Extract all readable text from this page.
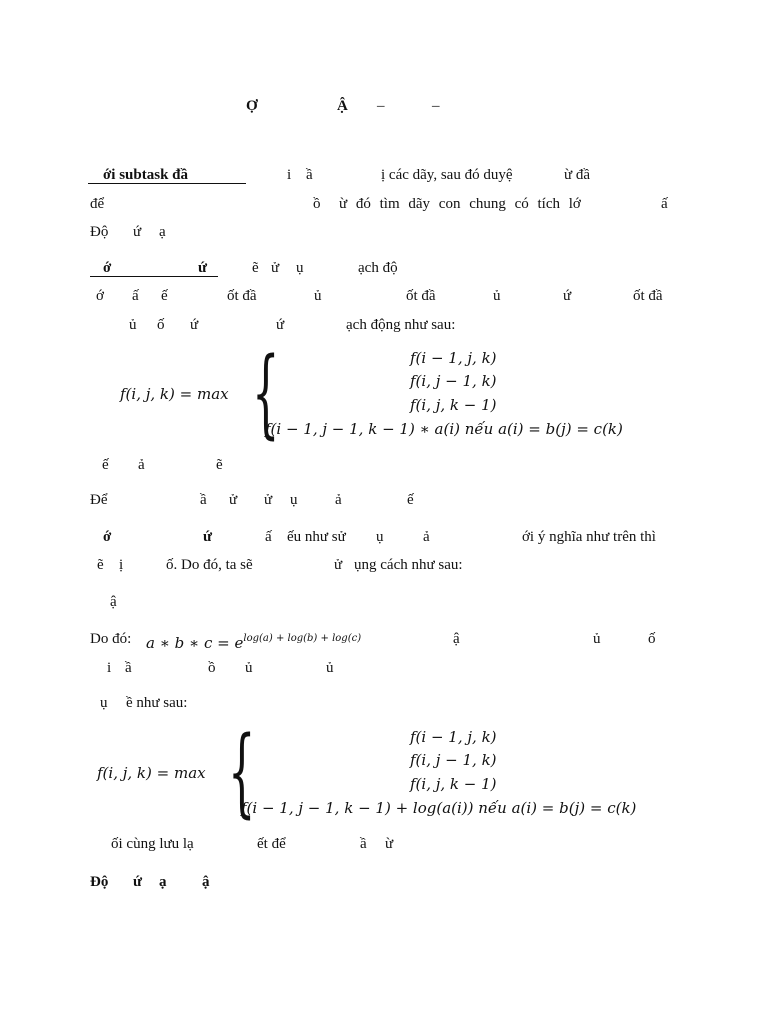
Ợ	Ậ –	–
ới subtask đầ	i ầ	ị các dãy, sau đó duyệ	ừ đầ
để	ồ ừ đó tìm dãy con chung có tích lớ	ấ
Độ ứ ạ
ớ	ứ	ẽ ử ụ	ạch độ
ớ ấ ế	ốt đầ	ủ	ốt đầ	ủ	ứ	ốt đầ
ủ ố ứ	ứ	ạch động như sau:
f(i, j, k) = max {	f(i − 1, j, k)
f(i, j − 1, k)
f(i, j, k − 1)
f(i − 1, j − 1, k − 1) ∗ a(i) nếu a(i) = b(j) = c(k)
ế ả	ẽ
Để	ầ ử ử ụ	ả	ế
ớ	ứ	ấ ếu như sử ụ	ả	ới ý nghĩa như trên thì
ẽ ị	ố. Do đó, ta sẽ	ử ụng cách như sau:
ậ
Do đó: a ∗ b ∗ $c = e^{log(a) + log(b) + log(c)}$	ậ	ủ	ố
i ầ	ồ ủ	ủ
ụ ề như sau:
f(i, j, k) = max {	f(i − 1, j, k)
f(i, j − 1, k)
f(i, j, k − 1)
f(i − 1, j − 1, k − 1) + log(a(i)) nếu a(i) = b(j) = c(k)
ối cùng lưu lạ	ết để	ầ ừ
Độ ứ ạ ậ
